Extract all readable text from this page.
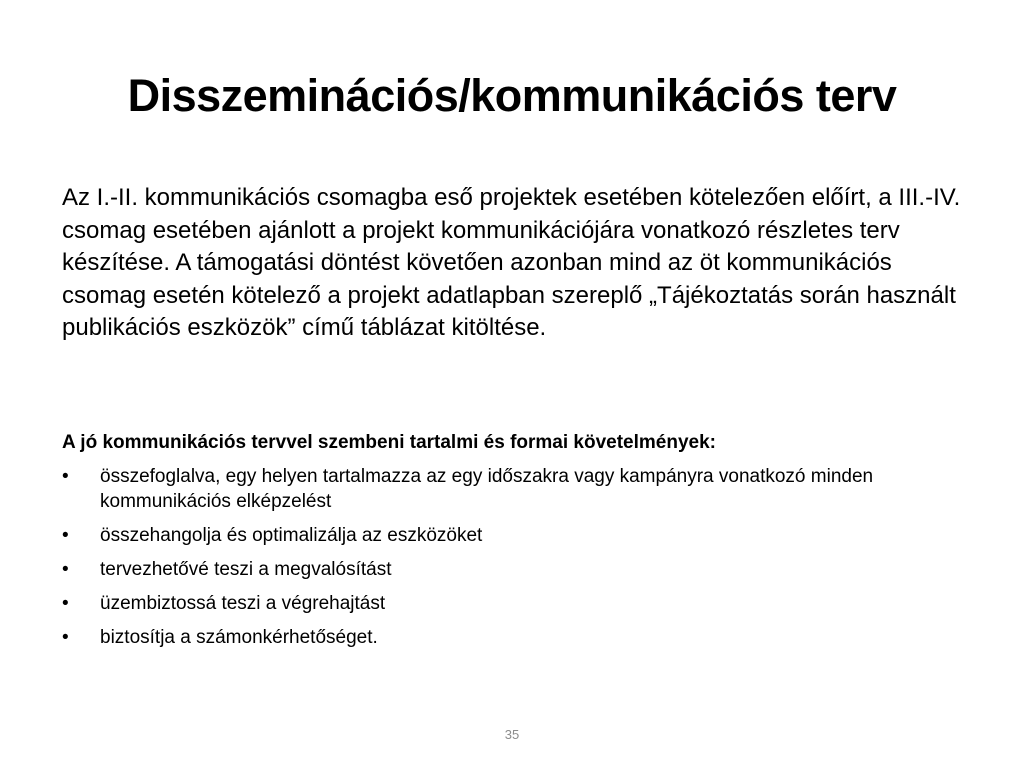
Disszeminációs/kommunikációs terv

Az I.-II. kommunikációs csomagba eső projektek esetében kötelezően előírt, a III.-IV. csomag esetében ajánlott a projekt kommunikációjára vonatkozó részletes terv készítése. A támogatási döntést követően azonban mind az öt kommunikációs csomag esetén kötelező a projekt adatlapban szereplő „Tájékoztatás során használt publikációs eszközök” című táblázat kitöltése.

A jó kommunikációs tervvel szembeni tartalmi és formai követelmények:

•	összefoglalva, egy helyen tartalmazza az egy időszakra vagy kampányra vonatkozó minden kommunikációs elképzelést
•	összehangolja és optimalizálja az eszközöket
•	tervezhetővé teszi a megvalósítást
•	üzembiztossá teszi a végrehajtást
•	biztosítja a számonkérhetőséget.
35
